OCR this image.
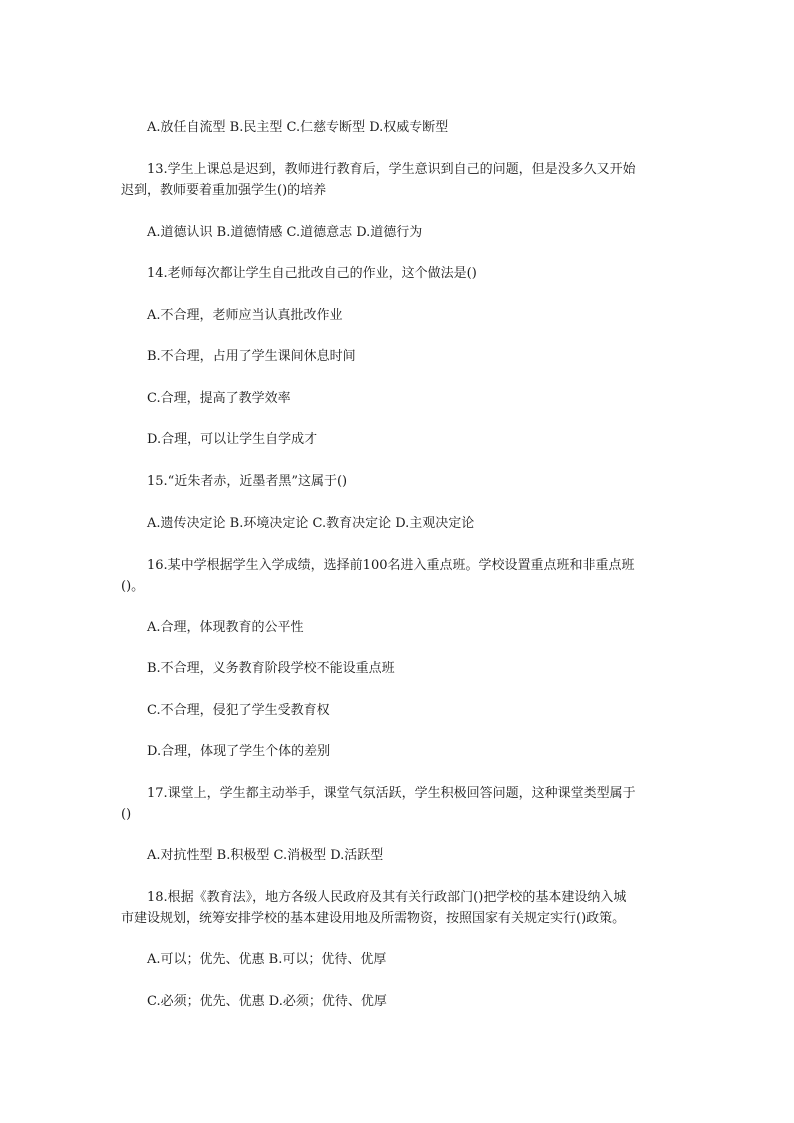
A.放任自流型 B.民主型 C.仁慈专断型 D.权威专断型
13.学生上课总是迟到，教师进行教育后，学生意识到自己的问题，但是没多久又开始
迟到，教师要着重加强学生()的培养
A.道德认识 B.道德情感 C.道德意志 D.道德行为
14.老师每次都让学生自己批改自己的作业，这个做法是()
A.不合理，老师应当认真批改作业
B.不合理，占用了学生课间休息时间
C.合理，提高了教学效率
D.合理，可以让学生自学成才
15.“近朱者赤，近墨者黑”这属于()
A.遗传决定论 B.环境决定论 C.教育决定论 D.主观决定论
16.某中学根据学生入学成绩，选择前100名进入重点班。学校设置重点班和非重点班
()。
A.合理，体现教育的公平性
B.不合理，义务教育阶段学校不能设重点班
C.不合理，侵犯了学生受教育权
D.合理，体现了学生个体的差别
17.课堂上，学生都主动举手，课堂气氛活跃，学生积极回答问题，这种课堂类型属于
()
A.对抗性型 B.积极型 C.消极型 D.活跃型
18.根据《教育法》，地方各级人民政府及其有关行政部门()把学校的基本建设纳入城
市建设规划，统筹安排学校的基本建设用地及所需物资，按照国家有关规定实行()政策。
A.可以；优先、优惠 B.可以；优待、优厚
C.必须；优先、优惠 D.必须；优待、优厚
